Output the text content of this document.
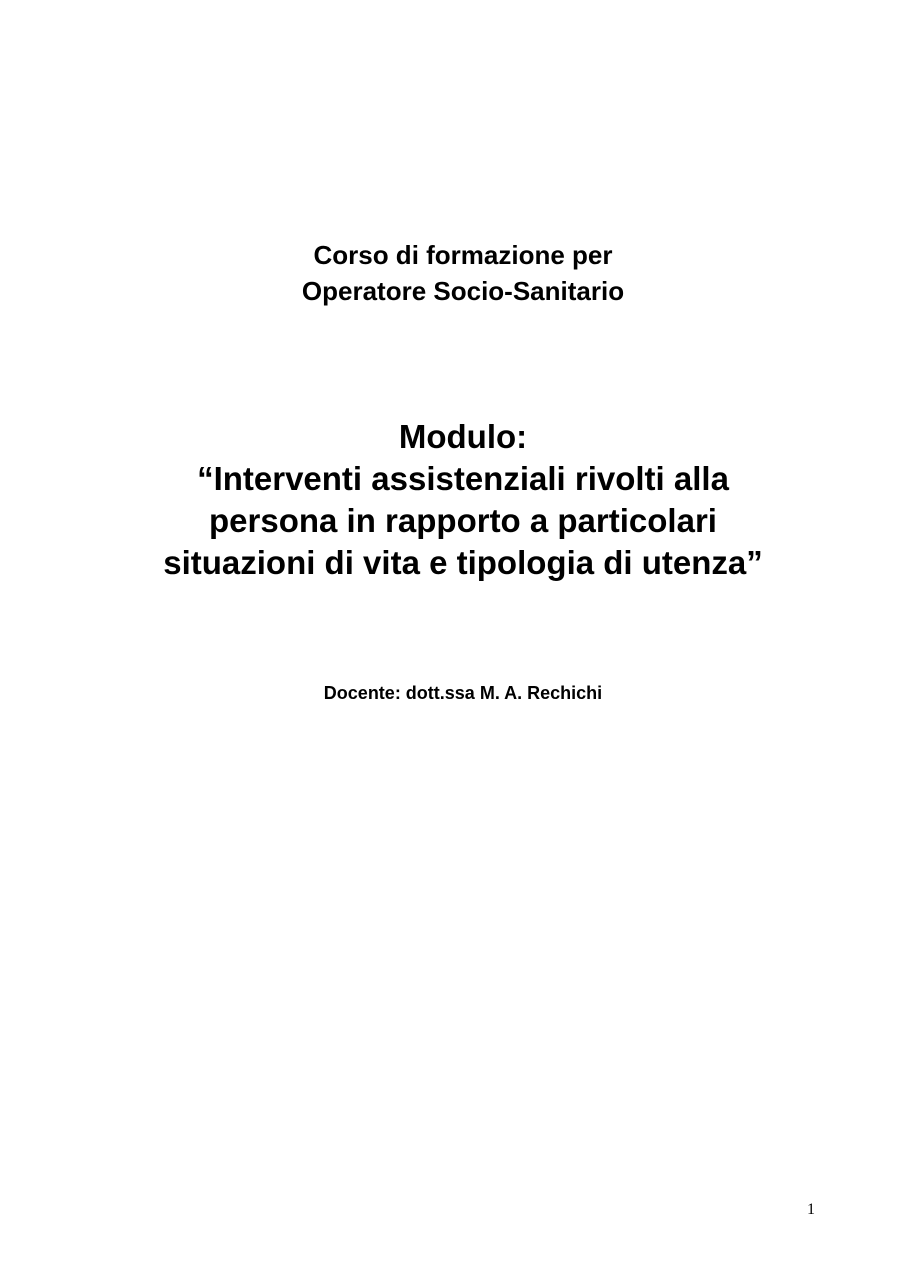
Corso di formazione per
Operatore Socio-Sanitario
Modulo:
“Interventi assistenziali rivolti alla
persona in rapporto a particolari
situazioni di vita e tipologia di utenza”
Docente: dott.ssa M. A. Rechichi
1
